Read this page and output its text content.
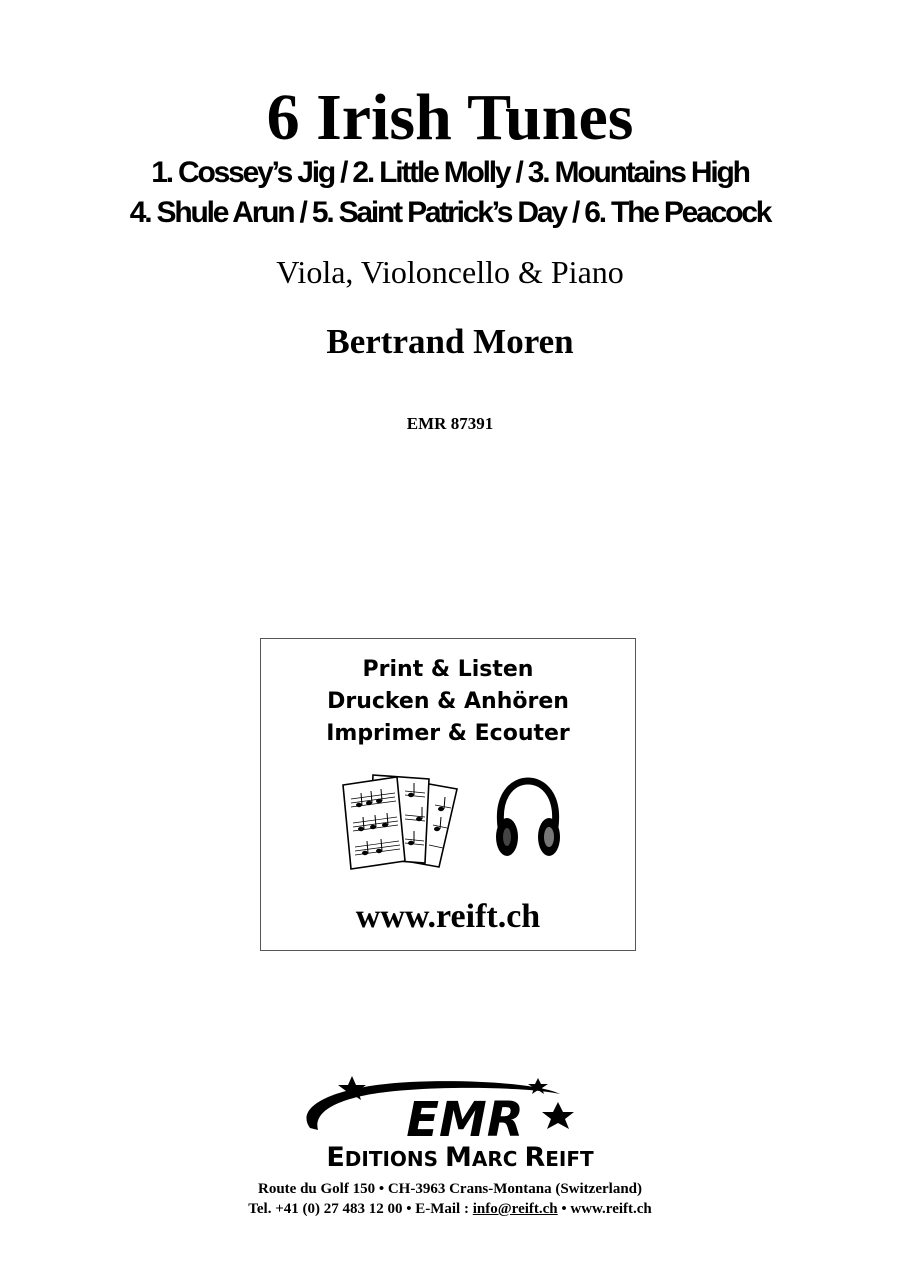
6 Irish Tunes
1. Cossey’s Jig / 2. Little Molly / 3. Mountains High
4. Shule Arun / 5. Saint Patrick’s Day / 6. The Peacock
Viola, Violoncello & Piano
Bertrand Moren
EMR 87391
Print & Listen
Drucken & Anhören
Imprimer & Ecouter
www.reift.ch
EMR
EDITIONS MARC REIFT
Route du Golf 150 • CH-3963 Crans-Montana (Switzerland)
Tel. +41 (0) 27 483 12 00 • E-Mail : info@reift.ch • www.reift.ch
